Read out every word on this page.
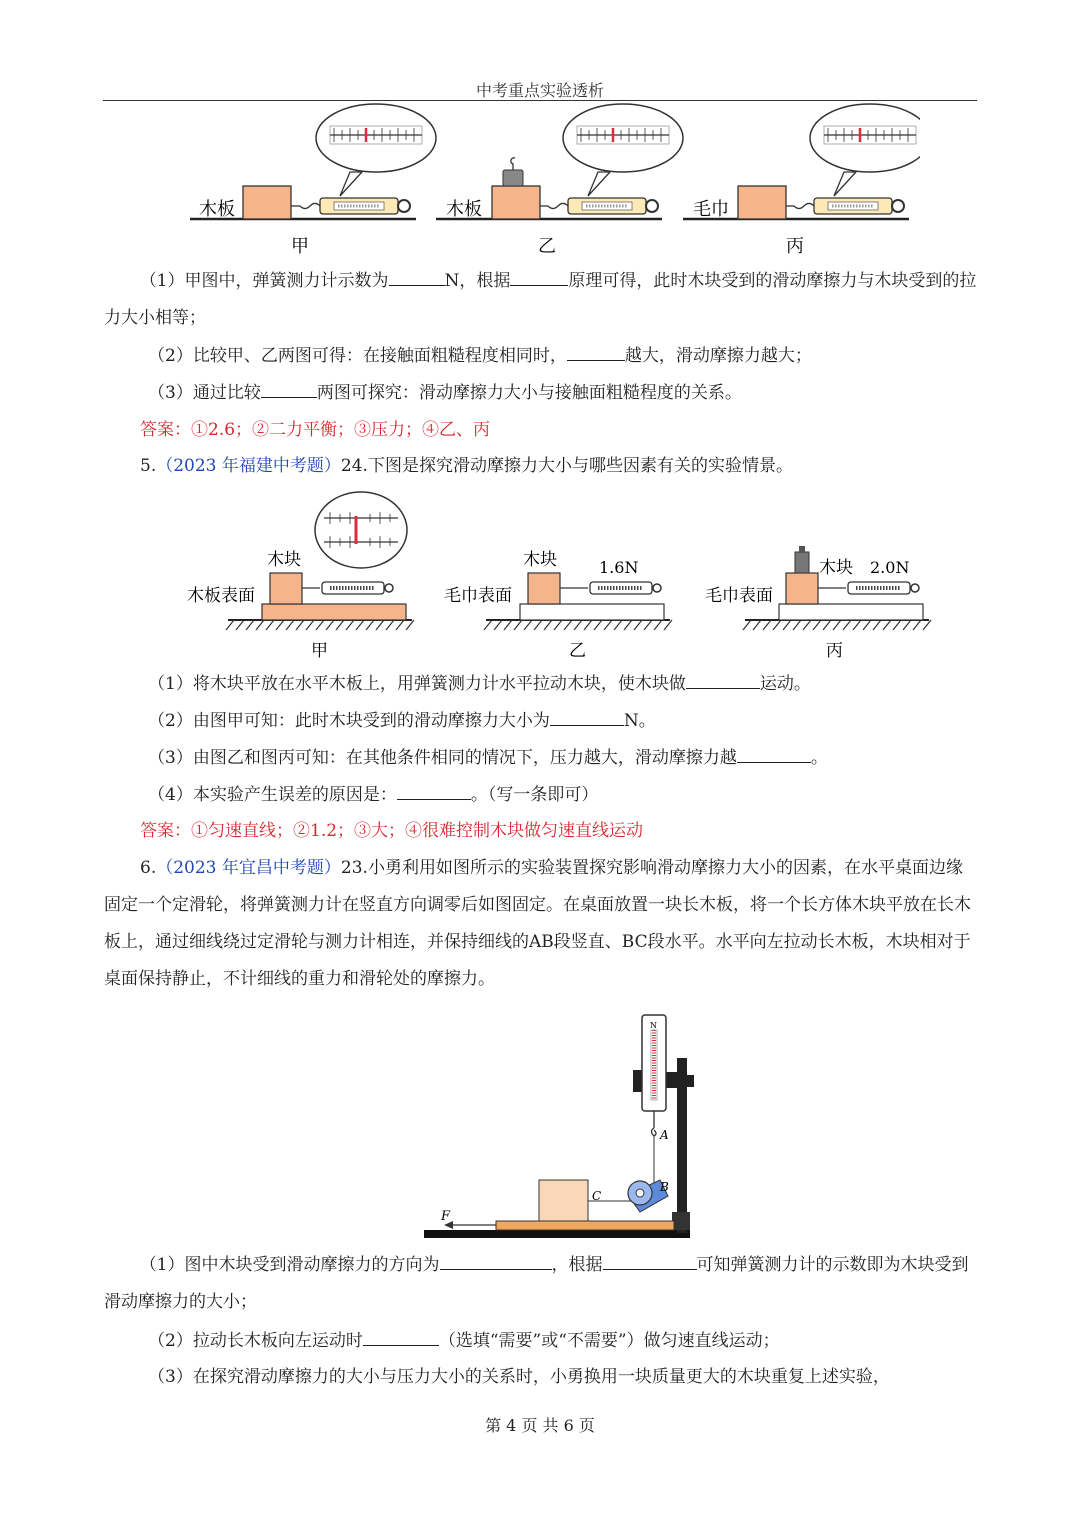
中考重点实验透析
木板
甲
木板
乙
毛巾
丙
（1）甲图中，弹簧测力计示数为	N，根据	原理可得，此时木块受到的滑动摩擦力与木块受到的拉力大小相等；
（2）比较甲、乙两图可得：在接触面粗糙程度相同时，	越大，滑动摩擦力越大；
（3）通过比较	两图可探究：滑动摩擦力大小与接触面粗糙程度的关系。
答案：①2.6；②二力平衡；③压力；④乙、丙
5.（2023 年福建中考题）24.下图是探究滑动摩擦力大小与哪些因素有关的实验情景。
木块
木板表面
甲
木块	1.6N
毛巾表面
乙
木块 2.0N
毛巾表面
丙
（1）将木块平放在水平木板上，用弹簧测力计水平拉动木块，使木块做	运动。
（2）由图甲可知：此时木块受到的滑动摩擦力大小为	N。
（3）由图乙和图丙可知：在其他条件相同的情况下，压力越大，滑动摩擦力越	。
（4）本实验产生误差的原因是：	。（写一条即可）
答案：①匀速直线；②1.2；③大；④很难控制木块做匀速直线运动
6.（2023 年宜昌中考题）23.小勇利用如图所示的实验装置探究影响滑动摩擦力大小的因素，在水平桌面边缘固定一个定滑轮，将弹簧测力计在竖直方向调零后如图固定。在桌面放置一块长木板，将一个长方体木块平放在长木板上，通过细线绕过定滑轮与测力计相连，并保持细线的AB段竖直、BC段水平。水平向左拉动长木板，木块相对于桌面保持静止，不计细线的重力和滑轮处的摩擦力。
N
F
A
B
C
（1）图中木块受到滑动摩擦力的方向为	，根据	可知弹簧测力计的示数即为木块受到滑动摩擦力的大小；
（2）拉动长木板向左运动时	（选填“需要”或“不需要”）做匀速直线运动；
（3）在探究滑动摩擦力的大小与压力大小的关系时，小勇换用一块质量更大的木块重复上述实验，
第 4 页 共 6 页
